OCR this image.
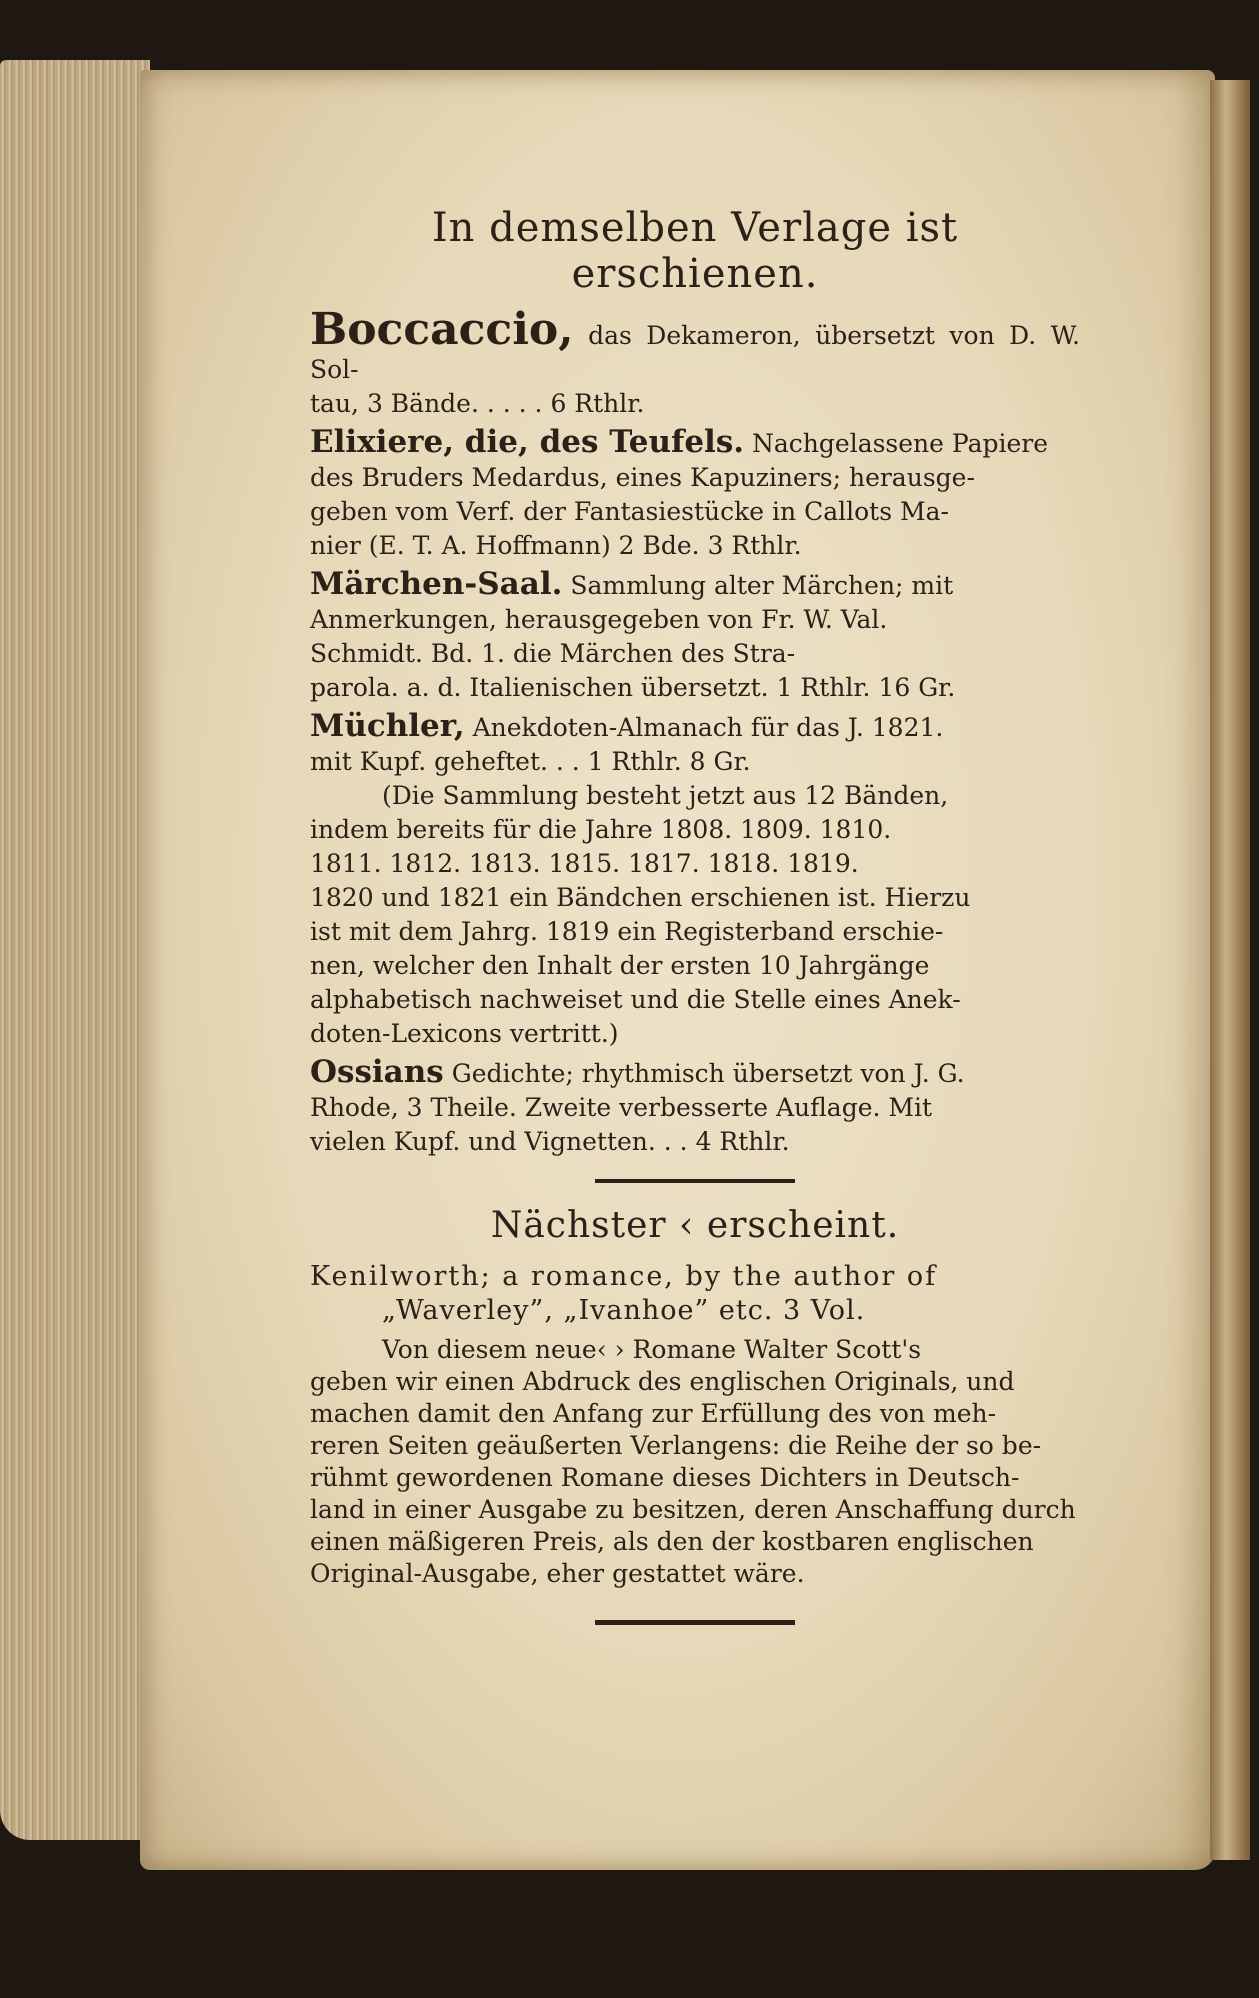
In demselben Verlage ist erschienen.
Boccaccio, das Dekameron, übersetzt von D. W. Sol-
tau, 3 Bände. . . . . 6 Rthlr.
Elixiere, die, des Teufels. Nachgelassene Papiere
des Bruders Medardus, eines Kapuziners; herausge-
geben vom Verf. der Fantasiestücke in Callots Ma-
nier (E. T. A. Hoffmann) 2 Bde. 3 Rthlr.
Märchen-Saal. Sammlung alter Märchen; mit
Anmerkungen, herausgegeben von Fr. W. Val.
Schmidt. Bd. 1. die Märchen des Stra-
parola. a. d. Italienischen übersetzt. 1 Rthlr. 16 Gr.
Müchler, Anekdoten-Almanach für das J. 1821.
mit Kupf. geheftet. . . 1 Rthlr. 8 Gr.
(Die Sammlung besteht jetzt aus 12 Bänden,
indem bereits für die Jahre 1808. 1809. 1810.
1811. 1812. 1813. 1815. 1817. 1818. 1819.
1820 und 1821 ein Bändchen erschienen ist. Hierzu
ist mit dem Jahrg. 1819 ein Registerband erschie-
nen, welcher den Inhalt der ersten 10 Jahrgänge
alphabetisch nachweiset und die Stelle eines Anek-
doten-Lexicons vertritt.)
Ossians Gedichte; rhythmisch übersetzt von J. G.
Rhode, 3 Theile. Zweite verbesserte Auflage. Mit
vielen Kupf. und Vignetten. . . 4 Rthlr.
Nächster ‹ erscheint.
Kenilworth; a romance, by the author of
„Waverley”, „Ivanhoe” etc. 3 Vol.
Von diesem neue‹ › Romane Walter Scott's
geben wir einen Abdruck des englischen Originals, und
machen damit den Anfang zur Erfüllung des von meh-
reren Seiten geäußerten Verlangens: die Reihe der so be-
rühmt gewordenen Romane dieses Dichters in Deutsch-
land in einer Ausgabe zu besitzen, deren Anschaffung durch
einen mäßigeren Preis, als den der kostbaren englischen
Original-Ausgabe, eher gestattet wäre.
